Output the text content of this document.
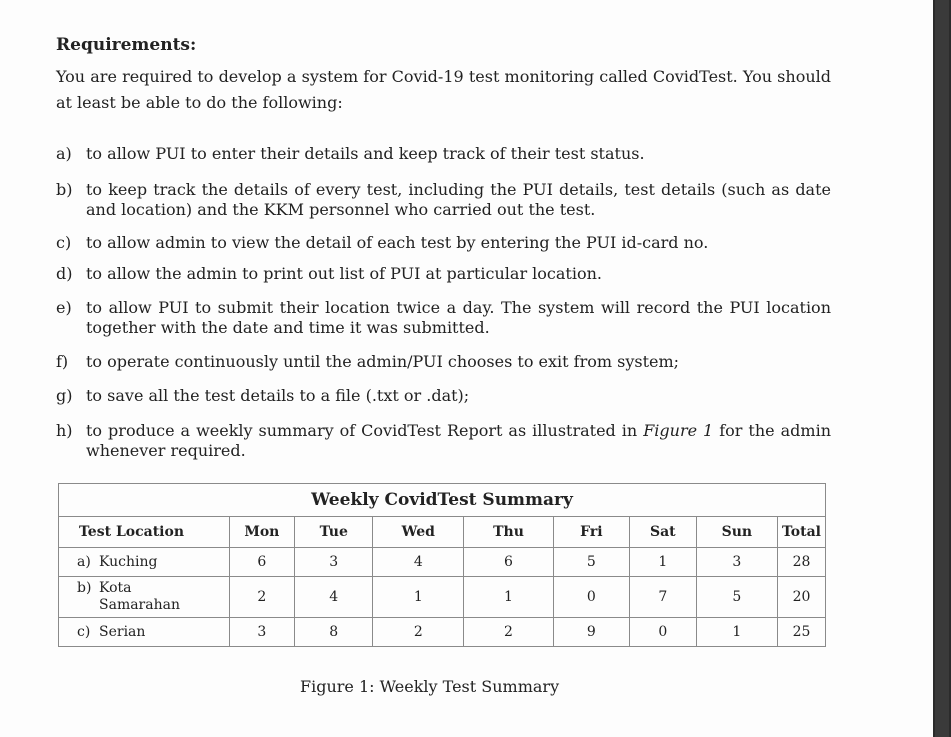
Requirements:
You are required to develop a system for Covid-19 test monitoring called CovidTest. You should at least be able to do the following:
a) to allow PUI to enter their details and keep track of their test status.
b) to keep track the details of every test, including the PUI details, test details (such as date and location) and the KKM personnel who carried out the test.
c) to allow admin to view the detail of each test by entering the PUI id-card no.
d) to allow the admin to print out list of PUI at particular location.
e) to allow PUI to submit their location twice a day. The system will record the PUI location together with the date and time it was submitted.
f)	to operate continuously until the admin/PUI chooses to exit from system;
g) to save all the test details to a file (.txt or .dat);
h) to produce a weekly summary of CovidTest Report as illustrated in Figure 1 for the admin whenever required.
Weekly CovidTest Summary								
Test Location	Mon	Tue	Wed	Thu	Fri	Sat	Sun	Total
a) Kuching	6	3	4	6	5	1	3	28
b) Kota
Samarahan	2	4	1	1	0	7	5	20
c) Serian	3	8	2	2	9	0	1	25
Figure 1: Weekly Test Summary
